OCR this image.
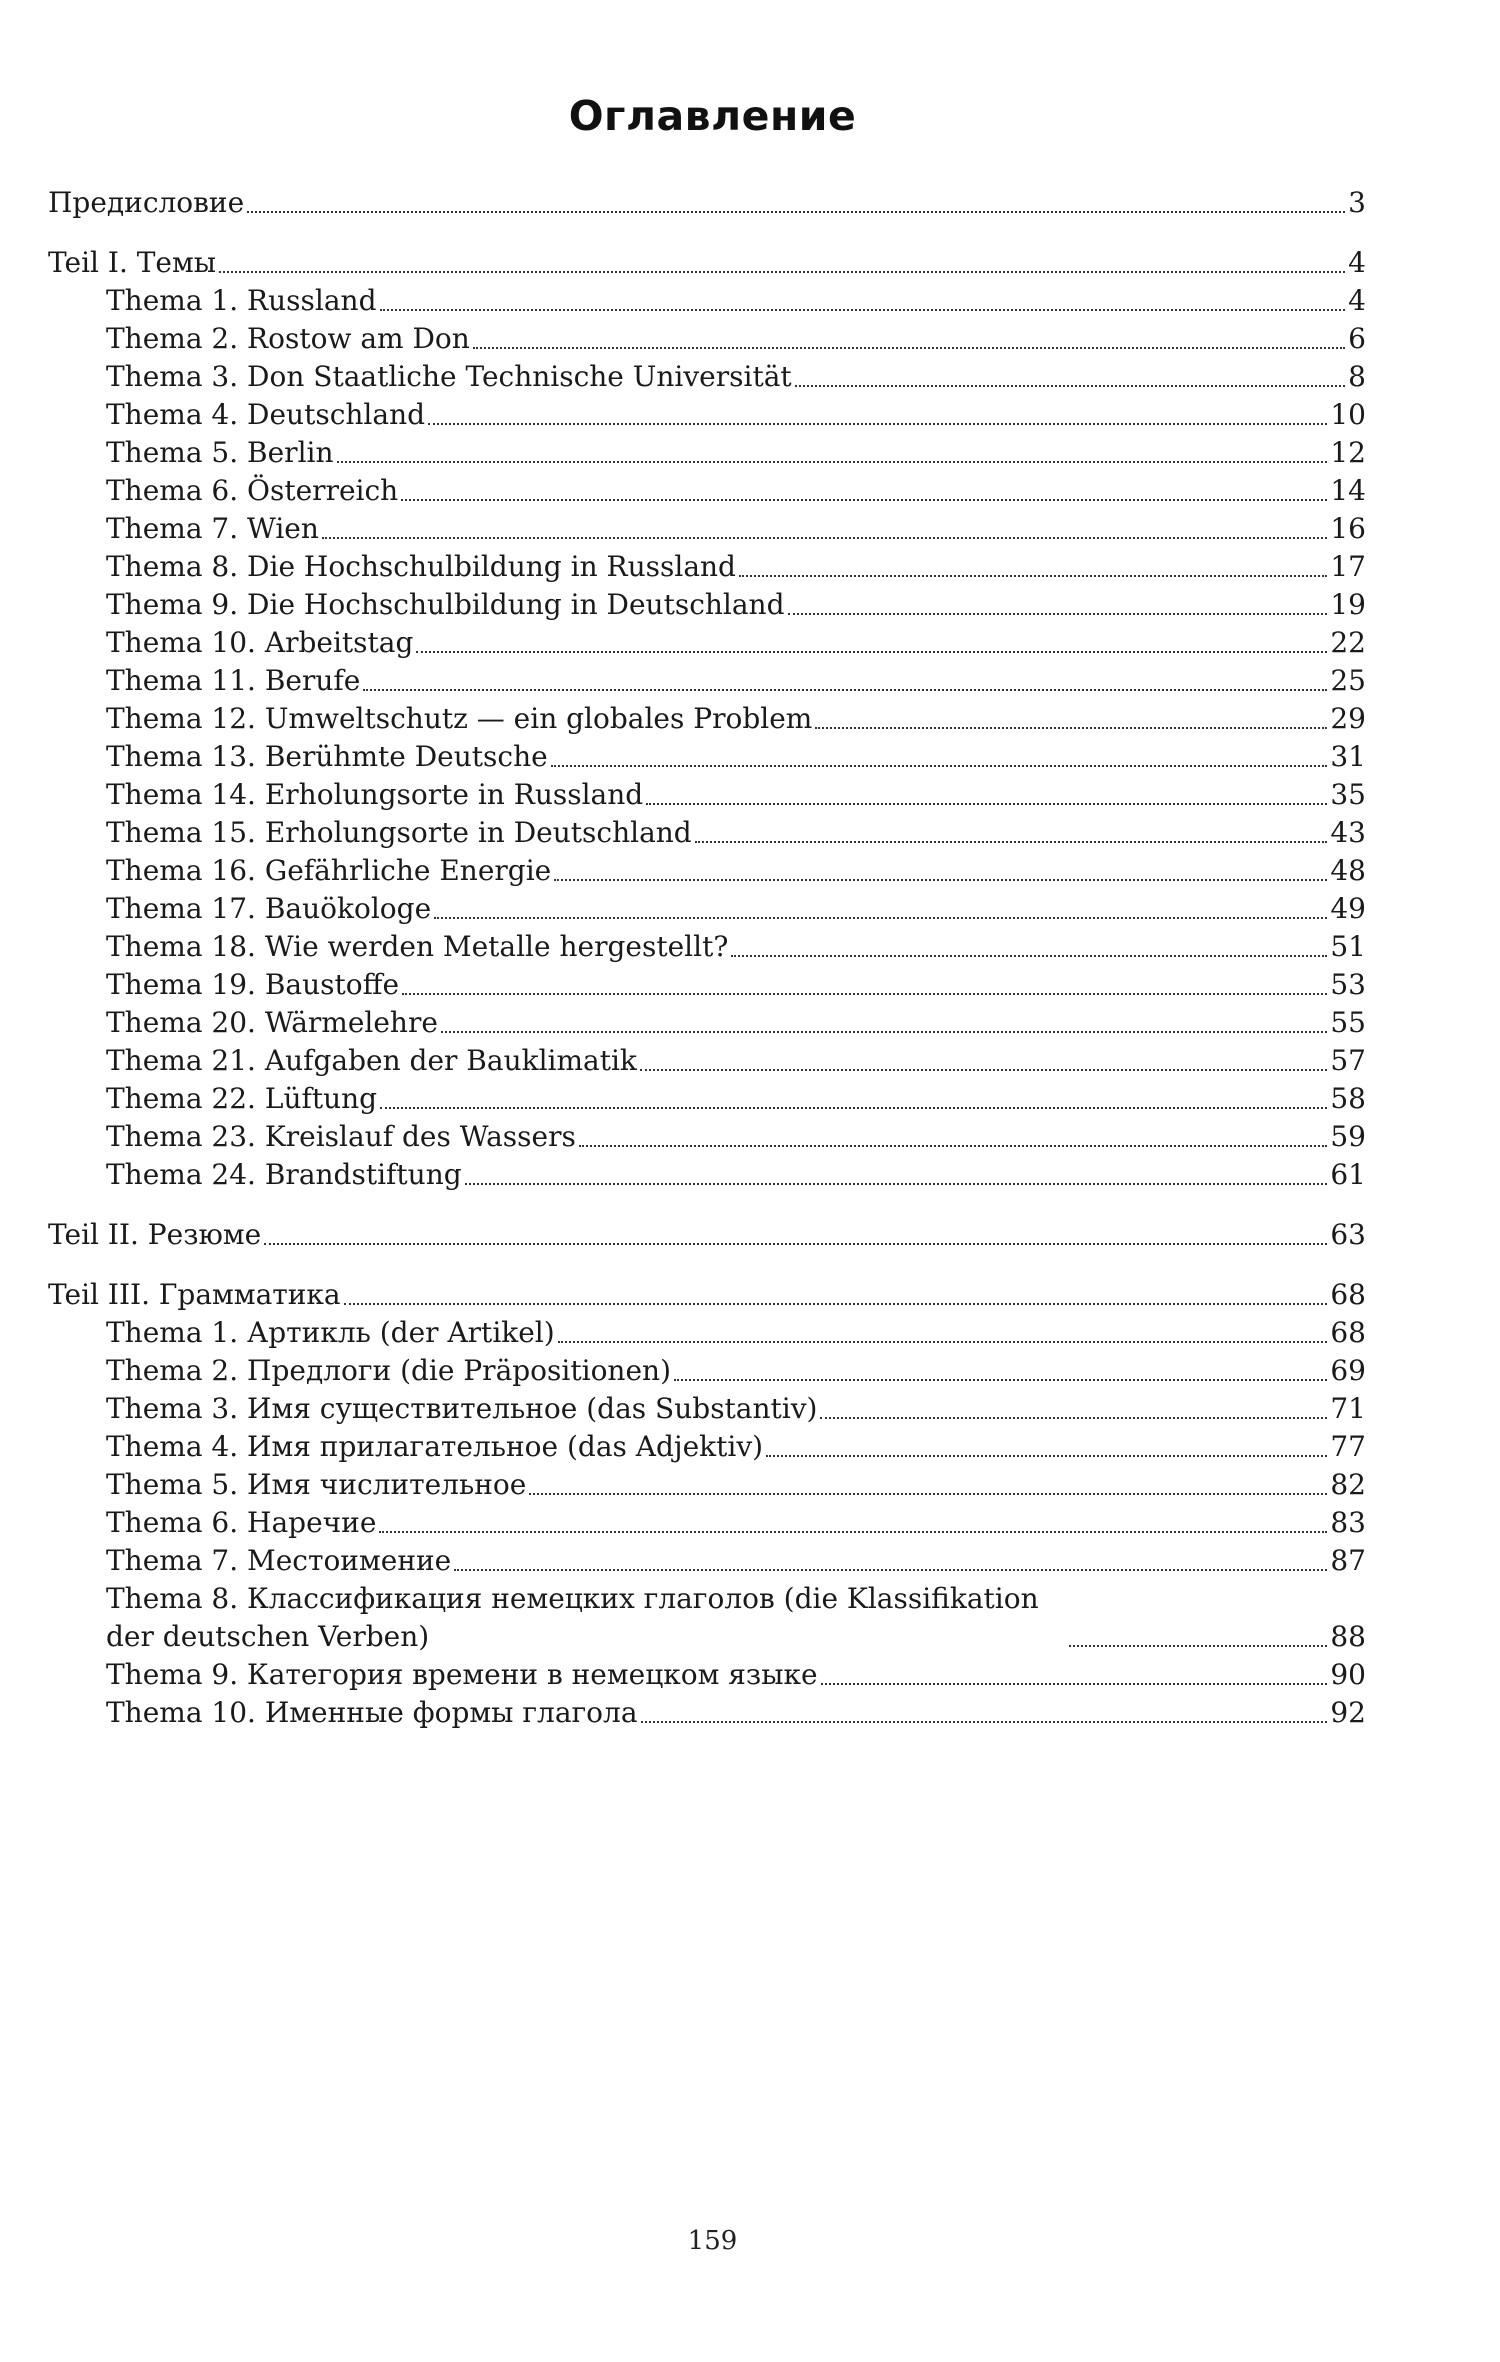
Оглавление
Предисловие	3
Teil I. Темы	4
Thema 1. Russland	4
Thema 2. Rostow am Don	6
Thema 3. Don Staatliche Technische Universität	8
Thema 4. Deutschland	10
Thema 5. Berlin	12
Thema 6. Österreich	14
Thema 7. Wien	16
Thema 8. Die Hochschulbildung in Russland	17
Thema 9. Die Hochschulbildung in Deutschland	19
Thema 10. Arbeitstag	22
Thema 11. Berufe	25
Thema 12. Umweltschutz — ein globales Problem	29
Thema 13. Berühmte Deutsche	31
Thema 14. Erholungsorte in Russland	35
Thema 15. Erholungsorte in Deutschland	43
Thema 16. Gefährliche Energie	48
Thema 17. Bauökologe	49
Thema 18. Wie werden Metalle hergestellt?	51
Thema 19. Baustoffe	53
Thema 20. Wärmelehre	55
Thema 21. Aufgaben der Bauklimatik	57
Thema 22. Lüftung	58
Thema 23. Kreislauf des Wassers	59
Thema 24. Brandstiftung	61
Teil II. Резюме	63
Teil III. Грамматика	68
Thema 1. Артикль (der Artikel)	68
Thema 2. Предлоги (die Präpositionen)	69
Thema 3. Имя существительное (das Substantiv)	71
Thema 4. Имя прилагательное (das Adjektiv)	77
Thema 5. Имя числительное	82
Thema 6. Наречие	83
Thema 7. Местоимение	87
Thema 8. Классификация немецких глаголов (die Klassifikation der deutschen Verben)	88
Thema 9. Категория времени в немецком языке	90
Thema 10. Именные формы глагола	92
159
